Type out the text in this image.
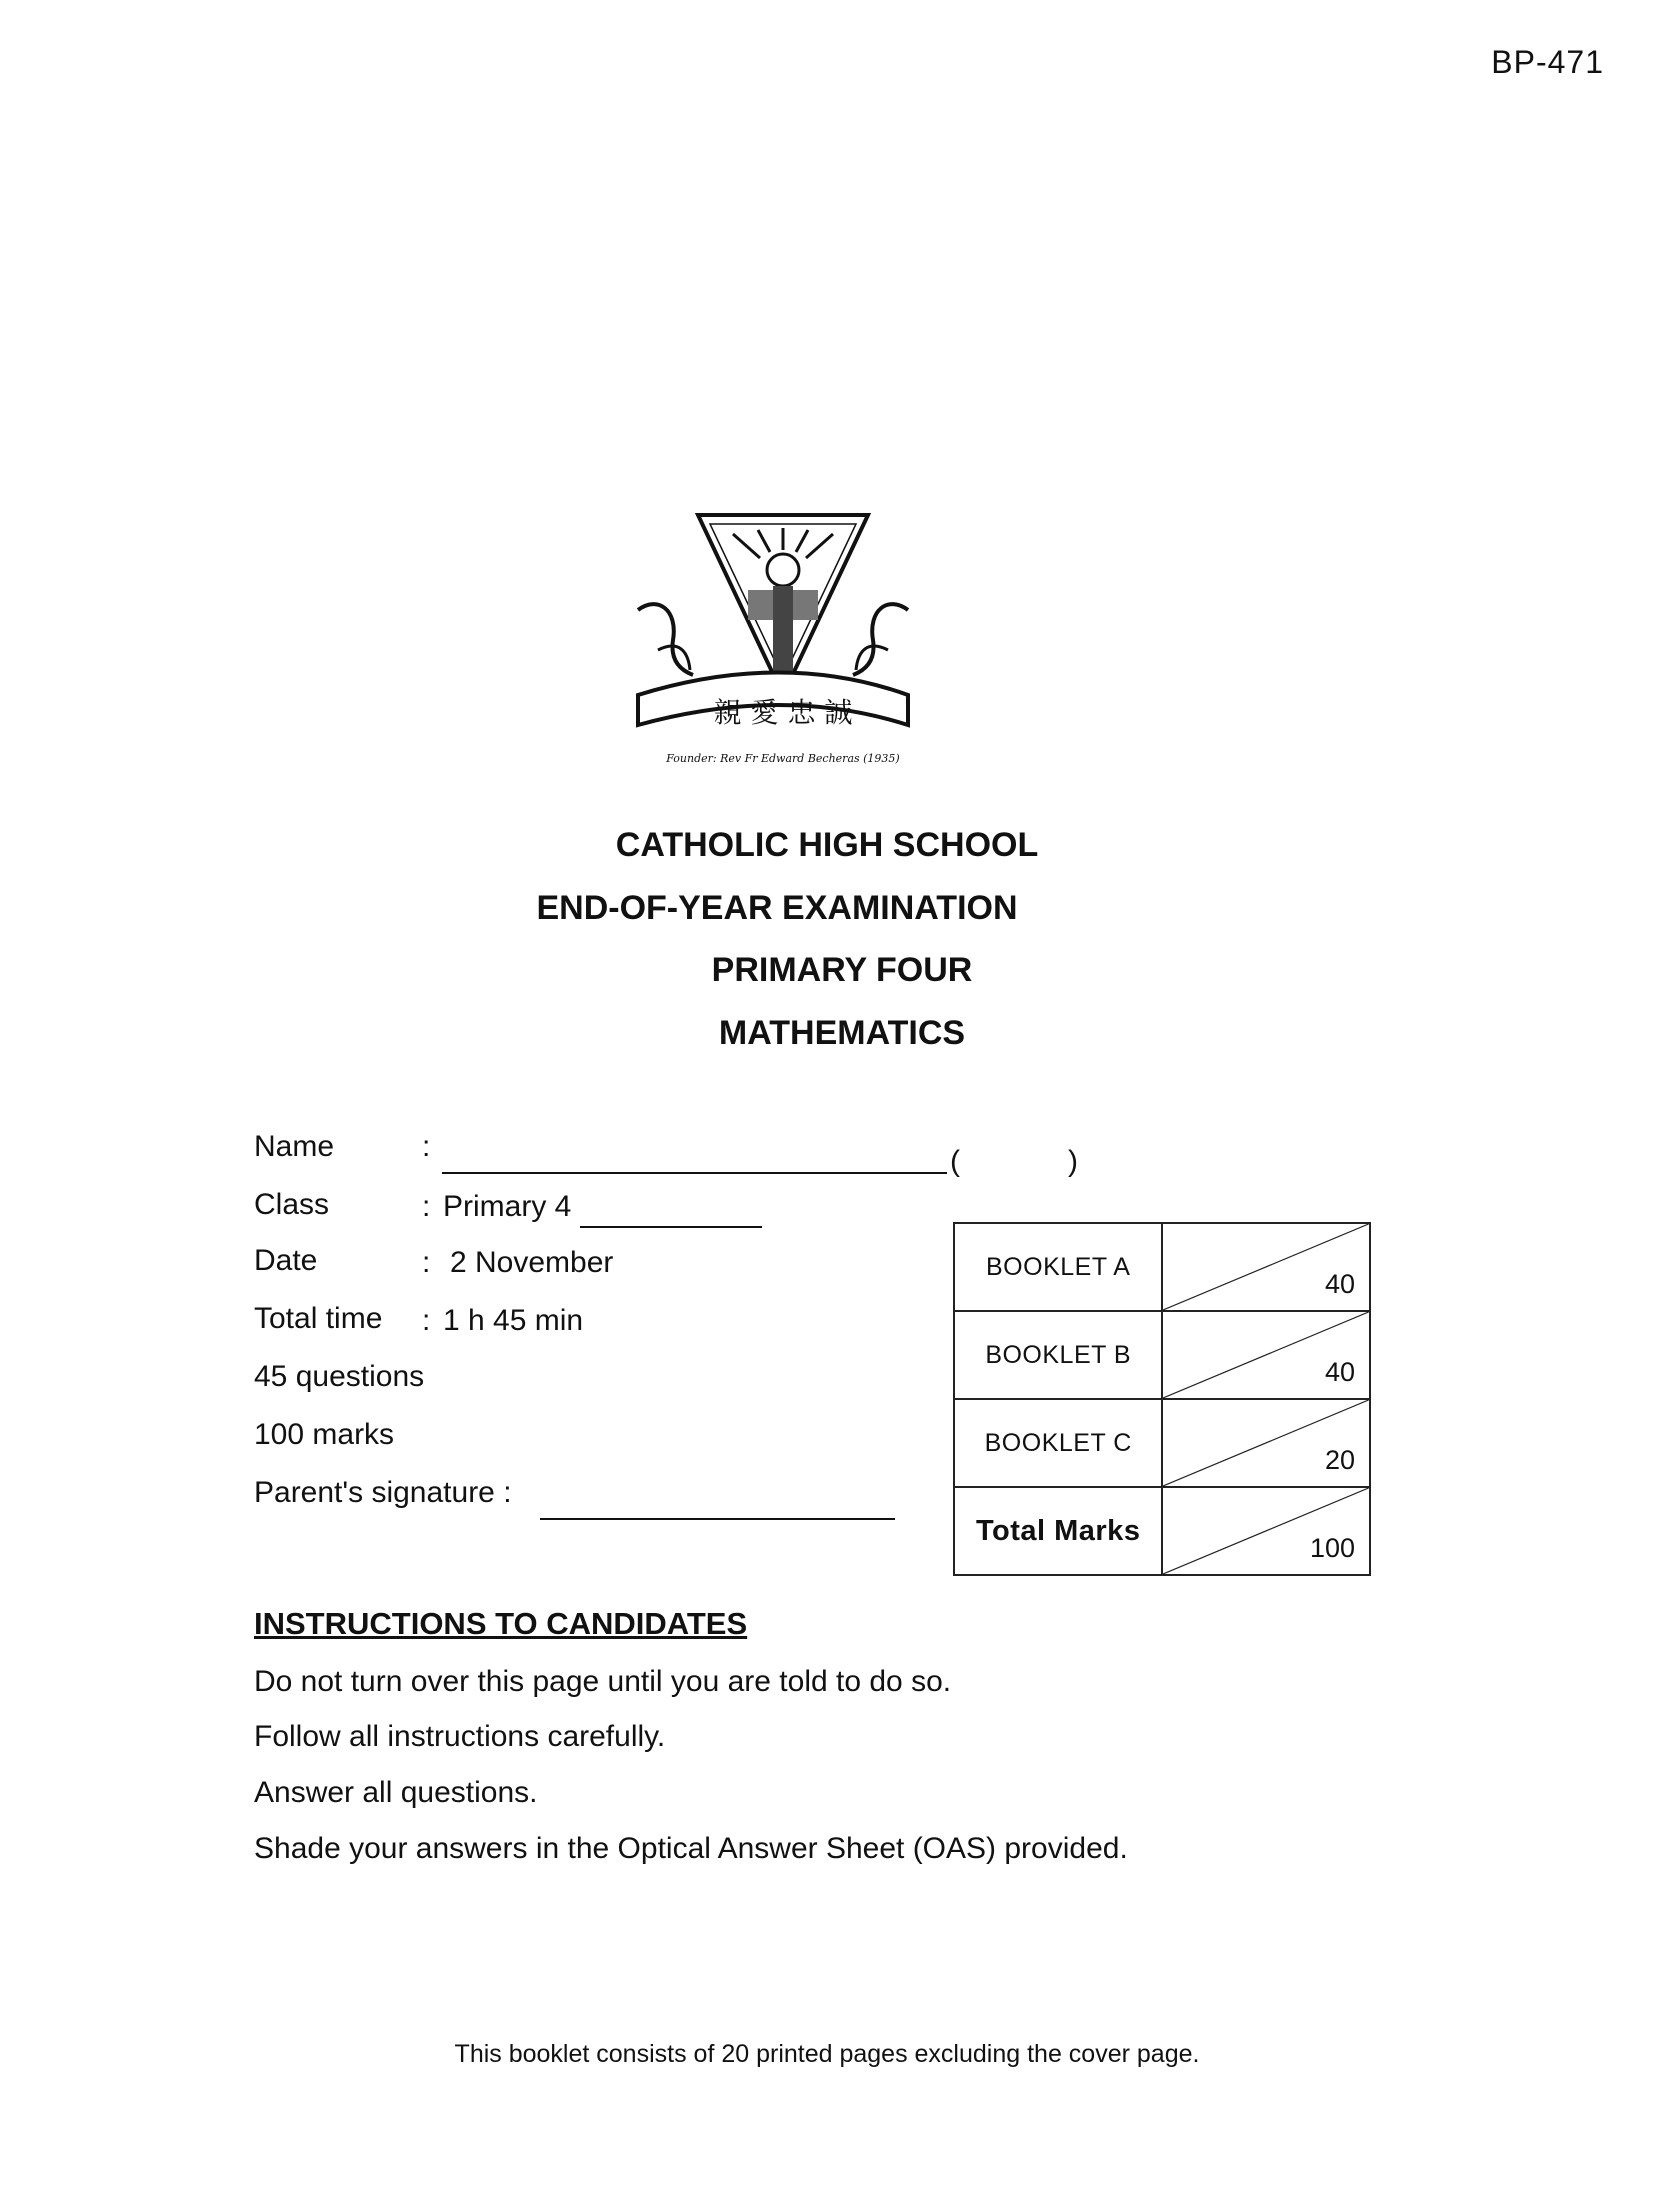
BP-471
親 愛 忠 誠
Founder: Rev Fr Edward Becheras (1935)
CATHOLIC HIGH SCHOOL
END-OF-YEAR EXAMINATION
PRIMARY FOUR
MATHEMATICS
Name	:	(	)
Class	: Primary 4
Date	: 2 November
Total time : 1 h 45 min
45 questions
100 marks
Parent's signature :
BOOKLET A	40

BOOKLET B	40

BOOKLET C	20

Total Marks	100
INSTRUCTIONS TO CANDIDATES
Do not turn over this page until you are told to do so.
Follow all instructions carefully.
Answer all questions.
Shade your answers in the Optical Answer Sheet (OAS) provided.
This booklet consists of 20 printed pages excluding the cover page.
